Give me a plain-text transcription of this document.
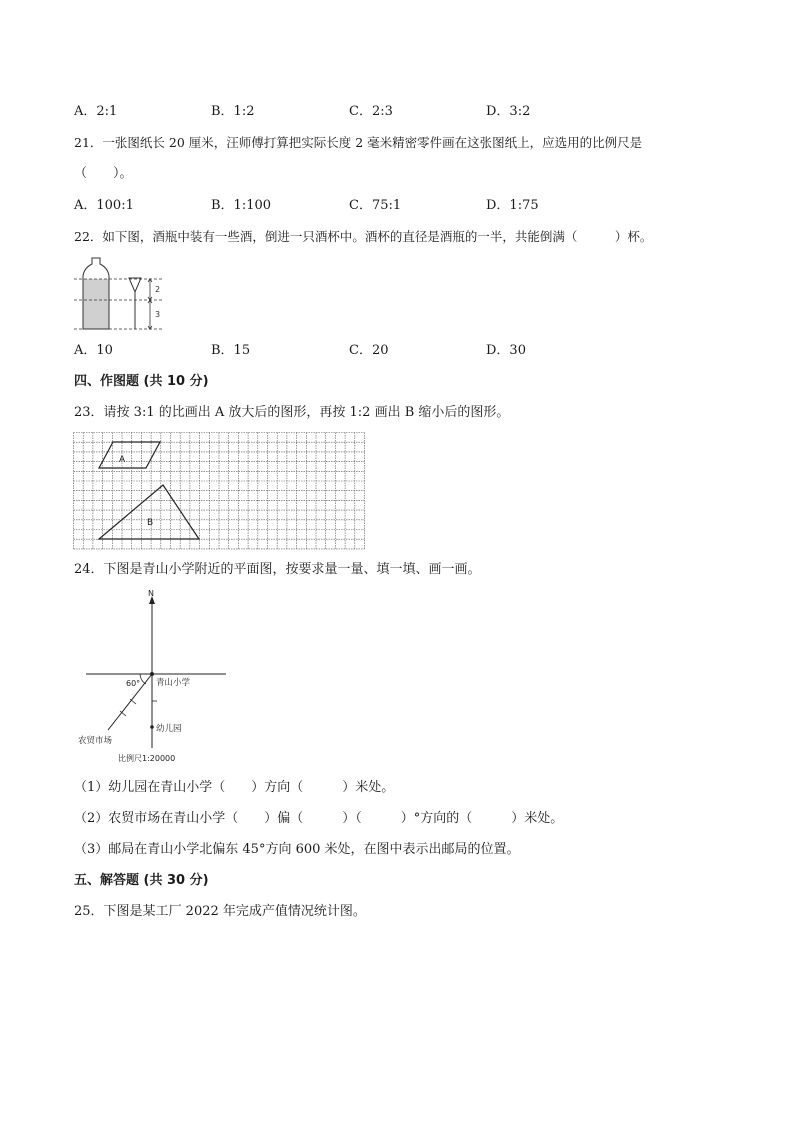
A．2:1	B．1:2	C．2:3	D．3:2
21．一张图纸长 20 厘米，汪师傅打算把实际长度 2 毫米精密零件画在这张图纸上，应选用的比例尺是
（　　）。
A．100:1	B．1:100	C．75:1	D．1:75
22．如下图，酒瓶中装有一些酒，倒进一只酒杯中。酒杯的直径是酒瓶的一半，共能倒满（　　　）杯。
2
3
A．10	B．15	C．20	D．30
四、作图题 (共 10 分)
23．请按 3:1 的比画出 A 放大后的图形，再按 1:2 画出 B 缩小后的图形。
A
B
24．下图是青山小学附近的平面图，按要求量一量、填一填、画一画。
N
青山小学
60°
农贸市场
幼儿园
比例尺1:20000
（1）幼儿园在青山小学（　　）方向（　　　）米处。
（2）农贸市场在青山小学（　　）偏（　　　）（　　　）°方向的（　　　）米处。
（3）邮局在青山小学北偏东 45°方向 600 米处，在图中表示出邮局的位置。
五、解答题 (共 30 分)
25．下图是某工厂 2022 年完成产值情况统计图。
